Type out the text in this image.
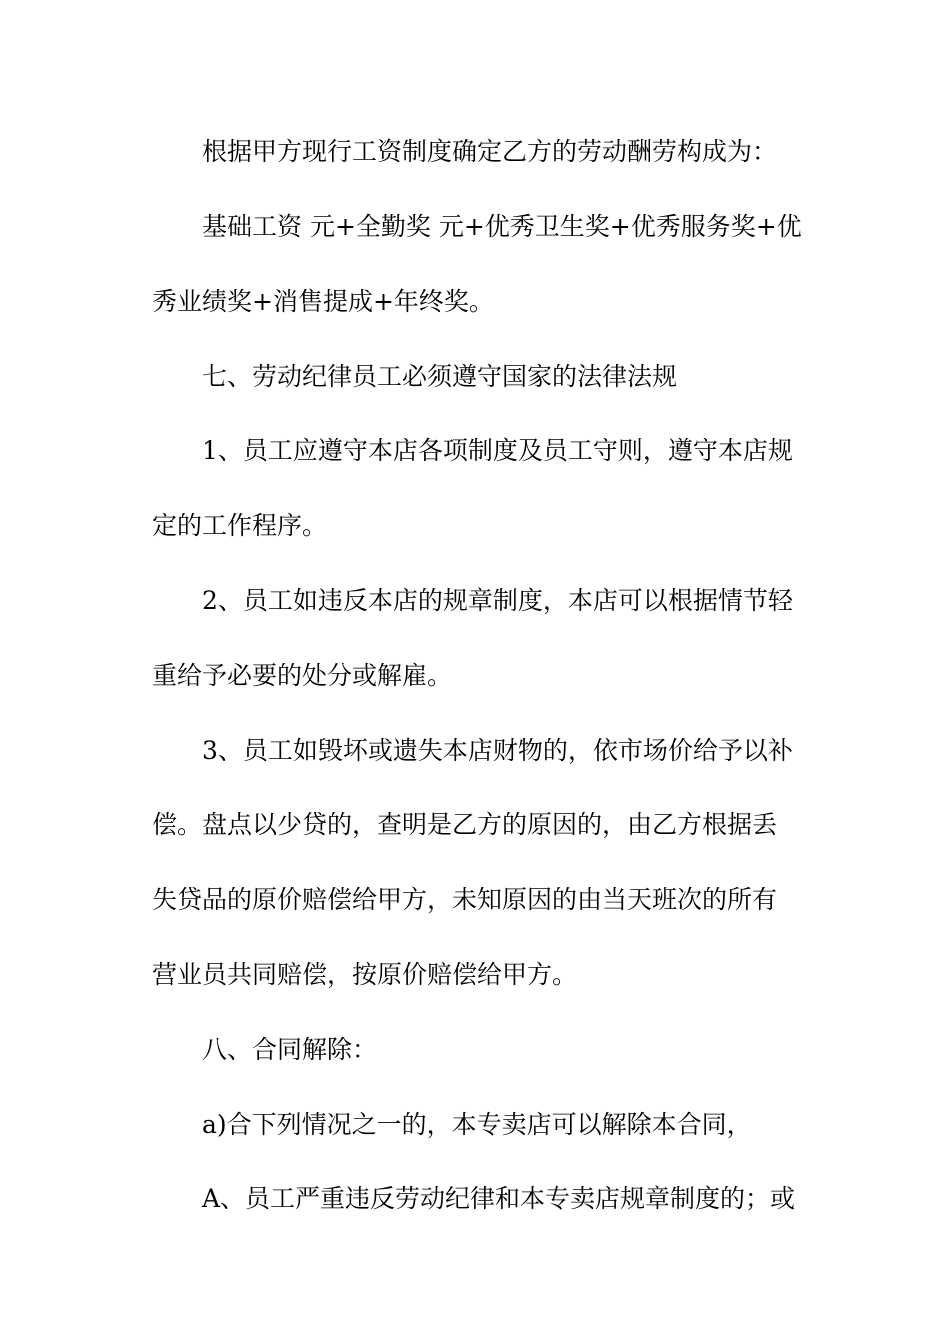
根据甲方现行工资制度确定乙方的劳动酬劳构成为：
基础工资 元+全勤奖 元+优秀卫生奖+优秀服务奖+优
秀业绩奖+消售提成+年终奖。
七、劳动纪律员工必须遵守国家的法律法规
1、员工应遵守本店各项制度及员工守则，遵守本店规
定的工作程序。
2、员工如违反本店的规章制度，本店可以根据情节轻
重给予必要的处分或解雇。
3、员工如毁坏或遗失本店财物的，依市场价给予以补
偿。盘点以少贷的，查明是乙方的原因的，由乙方根据丢
失贷品的原价赔偿给甲方，未知原因的由当天班次的所有
营业员共同赔偿，按原价赔偿给甲方。
八、合同解除：
a)合下列情况之一的，本专卖店可以解除本合同，
A、员工严重违反劳动纪律和本专卖店规章制度的；或
